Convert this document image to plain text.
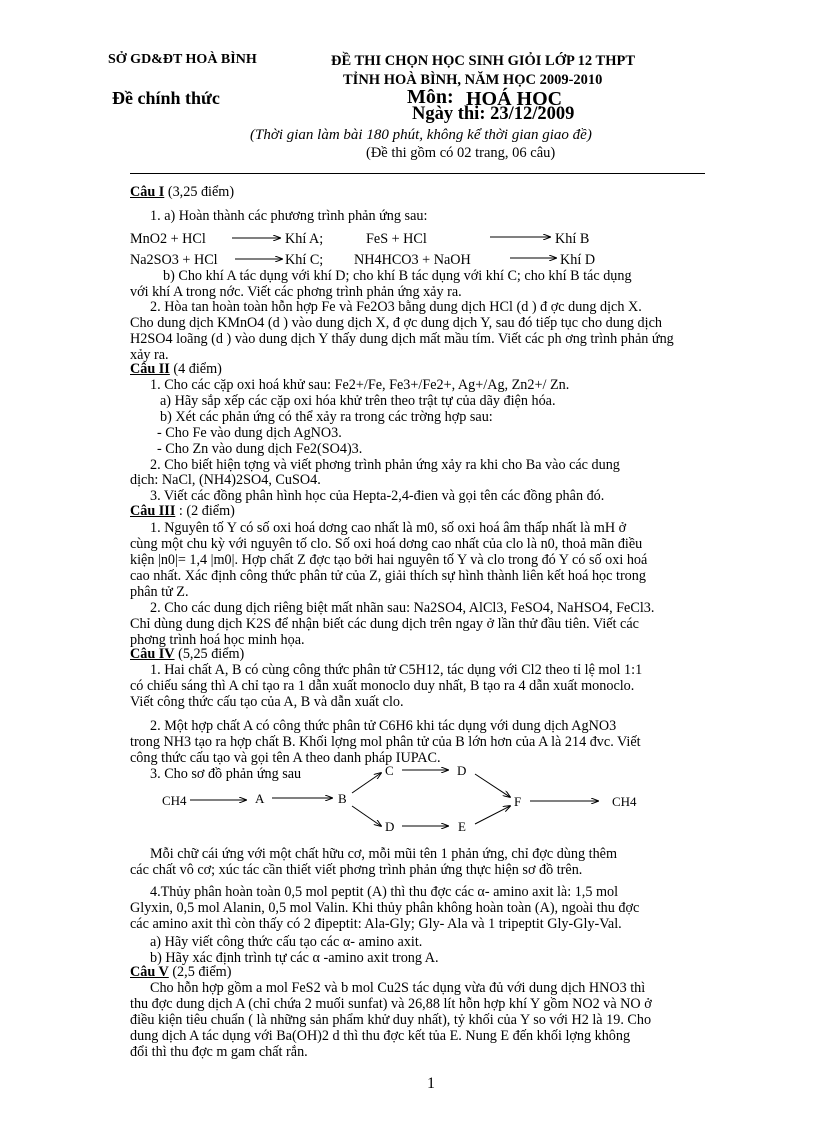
SỞ GD&ĐT HOÀ BÌNH	ĐỀ THI CHỌN HỌC SINH GIỎI LỚP 12 THPT
TỈNH HOÀ BÌNH, NĂM HỌC 2009-2010
Đề chính thức	Môn: HOÁ HỌC
Ngày thi: 23/12/2009
(Thời gian làm bài 180 phút, không kể thời gian giao đề)
(Đề thi gồm có 02 trang, 06 câu)
Câu I (3,25 điểm)
1. a) Hoàn thành các phương trình phản ứng sau:
MnO2 + HCl	Khí A;	FeS + HCl	Khí B
Na2SO3 + HCl	Khí C; NH4HCO3 + NaOH	Khí D
b) Cho khí A tác dụng với khí D; cho khí B tác dụng với khí C; cho khí B tác dụng
với khí A trong nớc. Viết các phơng trình phản ứng xảy ra.
2. Hòa tan hoàn toàn hỗn hợp Fe và Fe2O3 bằng dung dịch HCl (d ) đ ợc dung dịch X.
Cho dung dịch KMnO4 (d ) vào dung dịch X, đ ợc dung dịch Y, sau đó tiếp tục cho dung dịch
H2SO4 loãng (d ) vào dung dịch Y thấy dung dịch mất mầu tím. Viết các ph ơng trình phản ứng
xảy ra.
Câu II (4 điểm)
1. Cho các cặp oxi hoá khử sau: Fe2+/Fe, Fe3+/Fe2+, Ag+/Ag, Zn2+/ Zn.
a) Hãy sắp xếp các cặp oxi hóa khử trên theo trật tự của dãy điện hóa.
b) Xét các phản ứng có thể xảy ra trong các trờng hợp sau:
- Cho Fe vào dung dịch AgNO3.
- Cho Zn vào dung dịch Fe2(SO4)3.
2. Cho biết hiện tợng và viết phơng trình phản ứng xảy ra khi cho Ba vào các dung
dịch: NaCl, (NH4)2SO4, CuSO4.
3. Viết các đồng phân hình học của Hepta-2,4-đien và gọi tên các đồng phân đó.
Câu III : (2 điểm)
1. Nguyên tố Y có số oxi hoá dơng cao nhất là m0, số oxi hoá âm thấp nhất là mH ở
cùng một chu kỳ với nguyên tố clo. Số oxi hoá dơng cao nhất của clo là n0, thoả mãn điều
kiện |n0|= 1,4 |m0|. Hợp chất Z đợc tạo bởi hai nguyên tố Y và clo trong đó Y có số oxi hoá
cao nhất. Xác định công thức phân tử của Z, giải thích sự hình thành liên kết hoá học trong
phân tử Z.
2. Cho các dung dịch riêng biệt mất nhãn sau: Na2SO4, AlCl3, FeSO4, NaHSO4, FeCl3.
Chỉ dùng dung dịch K2S để nhận biết các dung dịch trên ngay ở lần thử đầu tiên. Viết các
phơng trình hoá học minh họa.
Câu IV (5,25 điểm)
1. Hai chất A, B có cùng công thức phân tử C5H12, tác dụng với Cl2 theo tỉ lệ mol 1:1
có chiếu sáng thì A chỉ tạo ra 1 dẫn xuất monoclo duy nhất, B tạo ra 4 dẫn xuất monoclo.
Viết công thức cấu tạo của A, B và dẫn xuất clo.
2. Một hợp chất A có công thức phân tử C6H6 khi tác dụng với dung dịch AgNO3
trong NH3 tạo ra hợp chất B. Khối lợng mol phân tử của B lớn hơn của A là 214 đvc. Viết
công thức cấu tạo và gọi tên A theo danh pháp IUPAC.
3. Cho sơ đồ phản ứng sau
CH4	A	B
C	D
D	E
F	CH4
Mỗi chữ cái ứng với một chất hữu cơ, mỗi mũi tên 1 phản ứng, chỉ đợc dùng thêm
các chất vô cơ; xúc tác cần thiết viết phơng trình phản ứng thực hiện sơ đồ trên.
4.Thủy phân hoàn toàn 0,5 mol peptit (A) thì thu đợc các α- amino axit là: 1,5 mol
Glyxin, 0,5 mol Alanin, 0,5 mol Valin. Khi thủy phân không hoàn toàn (A), ngoài thu đợc
các amino axit thì còn thấy có 2 đipeptit: Ala-Gly; Gly- Ala và 1 tripeptit Gly-Gly-Val.
a) Hãy viết công thức cấu tạo các α- amino axit.
b) Hãy xác định trình tự các α -amino axit trong A.
Câu V (2,5 điểm)
Cho hỗn hợp gồm a mol FeS2 và b mol Cu2S tác dụng vừa đủ với dung dịch HNO3 thì
thu đợc dung dịch A (chỉ chứa 2 muối sunfat) và 26,88 lít hỗn hợp khí Y gồm NO2 và NO ở
điều kiện tiêu chuẩn ( là những sản phẩm khử duy nhất), tỷ khối của Y so với H2 là 19. Cho
dung dịch A tác dụng với Ba(OH)2 d thì thu đợc kết tủa E. Nung E đến khối lợng không
đổi thì thu đợc m gam chất rắn.
1
